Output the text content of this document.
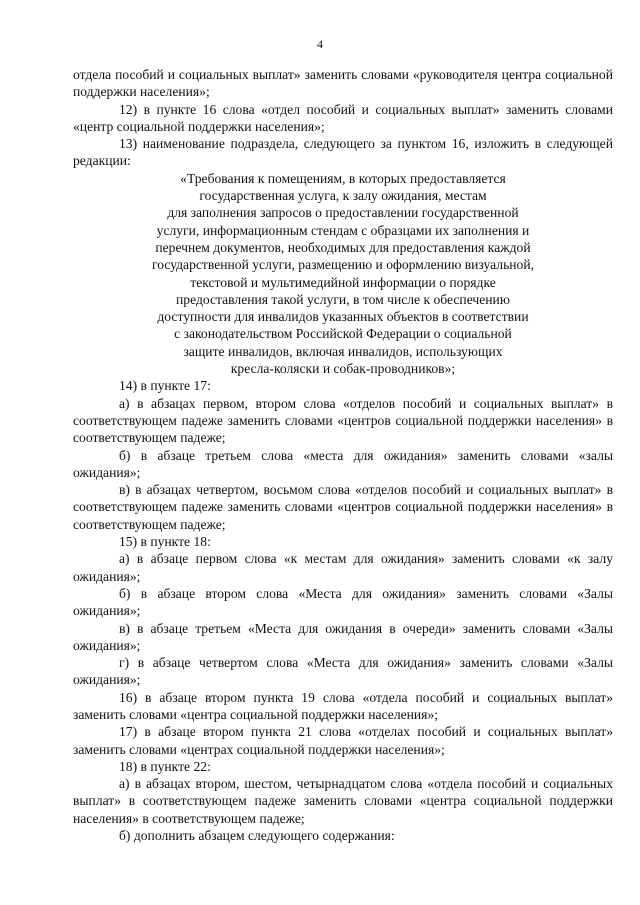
4

отдела пособий и социальных выплат» заменить словами «руководителя центра социальной поддержки населения»;

12) в пункте 16 слова «отдел пособий и социальных выплат» заменить словами «центр социальной поддержки населения»;

13) наименование подраздела, следующего за пунктом 16, изложить в следующей редакции:

«Требования к помещениям, в которых предоставляется
государственная услуга, к залу ожидания, местам
для заполнения запросов о предоставлении государственной
услуги, информационным стендам с образцами их заполнения и
перечнем документов, необходимых для предоставления каждой
государственной услуги, размещению и оформлению визуальной,
текстовой и мультимедийной информации о порядке
предоставления такой услуги, в том числе к обеспечению
доступности для инвалидов указанных объектов в соответствии
с законодательством Российской Федерации о социальной
защите инвалидов, включая инвалидов, использующих
кресла-коляски и собак-проводников»;

14) в пункте 17:

а) в абзацах первом, втором слова «отделов пособий и социальных выплат» в соответствующем падеже заменить словами «центров социальной поддержки населения» в соответствующем падеже;

б) в абзаце третьем слова «места для ожидания» заменить словами «залы ожидания»;

в) в абзацах четвертом, восьмом слова «отделов пособий и социальных выплат» в соответствующем падеже заменить словами «центров социальной поддержки населения» в соответствующем падеже;

15) в пункте 18:

а) в абзаце первом слова «к местам для ожидания» заменить словами «к залу ожидания»;

б) в абзаце втором слова «Места для ожидания» заменить словами «Залы ожидания»;

в) в абзаце третьем «Места для ожидания в очереди» заменить словами «Залы ожидания»;

г) в абзаце четвертом слова «Места для ожидания» заменить словами «Залы ожидания»;

16) в абзаце втором пункта 19 слова «отдела пособий и социальных выплат» заменить словами «центра социальной поддержки населения»;

17) в абзаце втором пункта 21 слова «отделах пособий и социальных выплат» заменить словами «центрах социальной поддержки населения»;

18) в пункте 22:

а) в абзацах втором, шестом, четырнадцатом слова «отдела пособий и социальных выплат» в соответствующем падеже заменить словами «центра социальной поддержки населения» в соответствующем падеже;

б) дополнить абзацем следующего содержания:
